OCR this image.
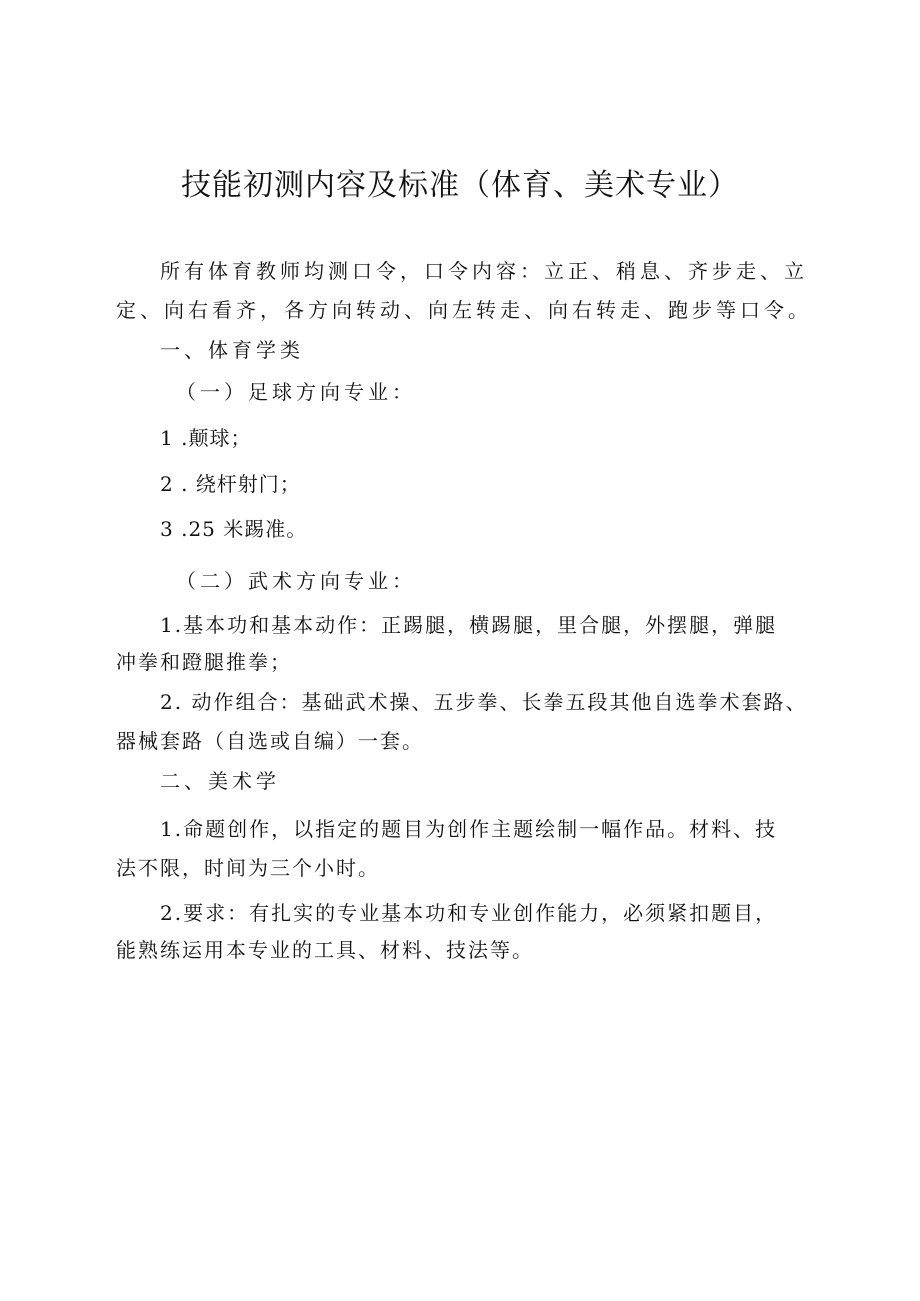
技能初测内容及标准（体育、美术专业）
所有体育教师均测口令，口令内容：立正、稍息、齐步走、立
定、向右看齐，各方向转动、向左转走、向右转走、跑步等口令。
一、体育学类
（一）足球方向专业：
1 .颠球；
2 . 绕杆射门；
3 .25 米踢准。
（二）武术方向专业：
1.基本功和基本动作：正踢腿，横踢腿，里合腿，外摆腿，弹腿
冲拳和蹬腿推拳；
2. 动作组合：基础武术操、五步拳、长拳五段其他自选拳术套路、
器械套路（自选或自编）一套。
二、美术学
1.命题创作，以指定的题目为创作主题绘制一幅作品。材料、技
法不限，时间为三个小时。
2.要求：有扎实的专业基本功和专业创作能力，必须紧扣题目，
能熟练运用本专业的工具、材料、技法等。
